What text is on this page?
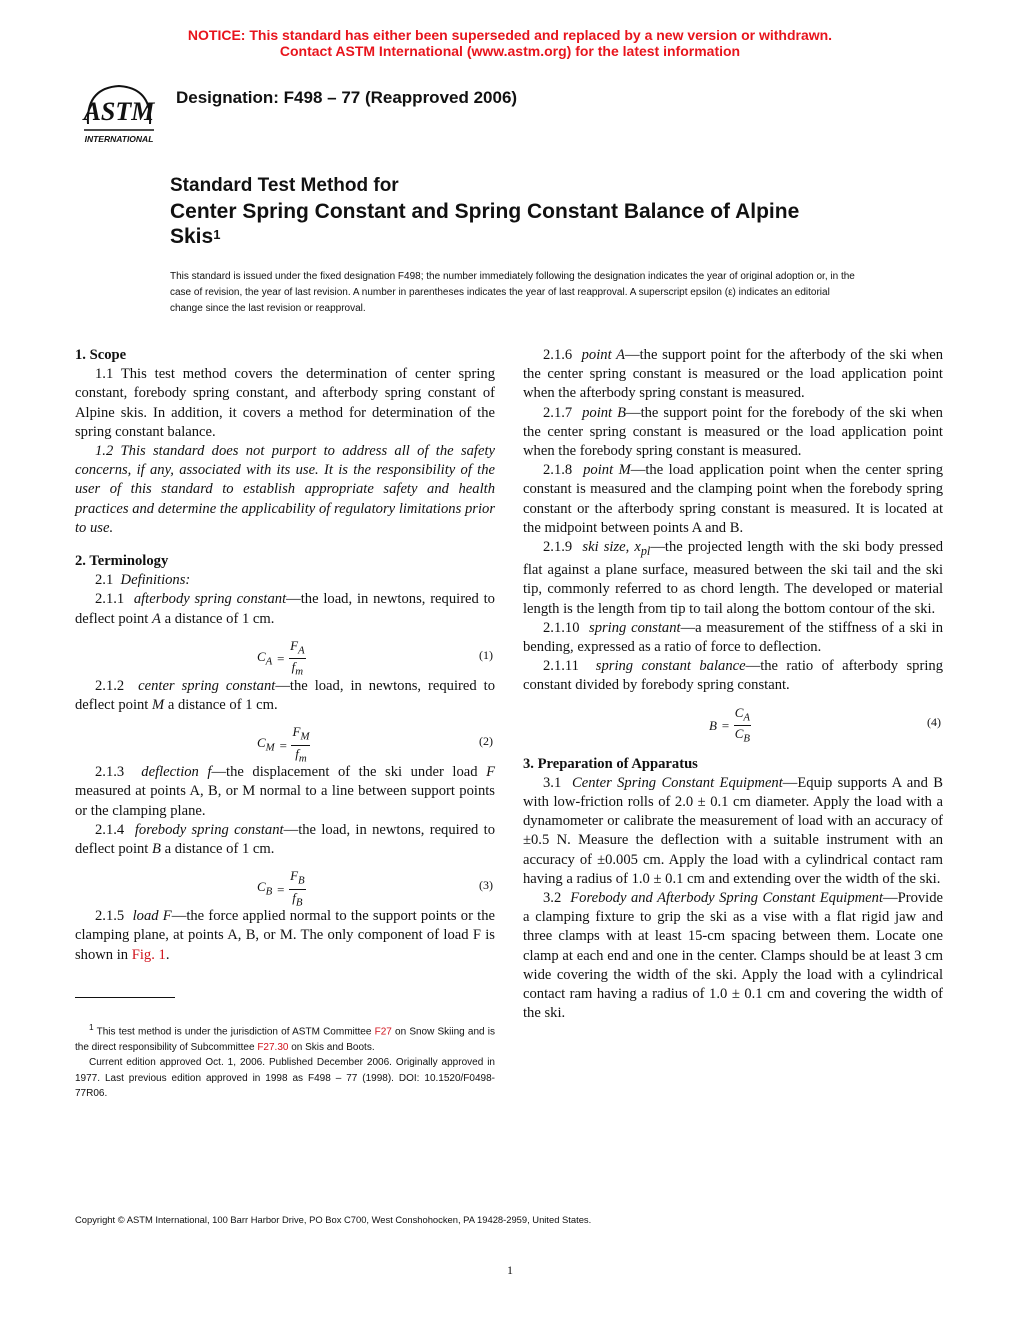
NOTICE: This standard has either been superseded and replaced by a new version or withdrawn.
Contact ASTM International (www.astm.org) for the latest information
ASTM
INTERNATIONAL
Designation: F498 – 77 (Reapproved 2006)
Standard Test Method for
Center Spring Constant and Spring Constant Balance of Alpine Skis$^1$
This standard is issued under the fixed designation F498; the number immediately following the designation indicates the year of original adoption or, in the case of revision, the year of last revision. A number in parentheses indicates the year of last reapproval. A superscript epsilon (ε) indicates an editorial change since the last revision or reapproval.

1. Scope

1.1 This test method covers the determination of center spring constant, forebody spring constant, and afterbody spring constant of Alpine skis. In addition, it covers a method for determination of the spring constant balance.

1.2 This standard does not purport to address all of the safety concerns, if any, associated with its use. It is the responsibility of the user of this standard to establish appropriate safety and health practices and determine the applicability of regulatory limitations prior to use.

2. Terminology

2.1 Definitions:

2.1.1 afterbody spring constant—the load, in newtons, required to deflect point A a distance of 1 cm.

$C_A = \frac{F_A}{f_m}$	(1)

2.1.2 center spring constant—the load, in newtons, required to deflect point M a distance of 1 cm.

$C_M = \frac{F_M}{f_m}$	(2)

2.1.3 deflection f—the displacement of the ski under load F measured at points A, B, or M normal to a line between support points or the clamping plane.

2.1.4 forebody spring constant—the load, in newtons, required to deflect point B a distance of 1 cm.

$C_B = \frac{F_B}{f_B}$	(3)

2.1.5 load F—the force applied normal to the support points or the clamping plane, at points A, B, or M. The only component of load F is shown in Fig. 1.

2.1.6 point A—the support point for the afterbody of the ski when the center spring constant is measured or the load application point when the afterbody spring constant is measured.

2.1.7 point B—the support point for the forebody of the ski when the center spring constant is measured or the load application point when the forebody spring constant is measured.

2.1.8 point M—the load application point when the center spring constant is measured and the clamping point when the forebody spring constant or the afterbody spring constant is measured. It is located at the midpoint between points A and B.

2.1.9 ski size, $x_{pl}—the$ projected length with the ski body pressed flat against a plane surface, measured between the ski tail and the ski tip, commonly referred to as chord length. The developed or material length is the length from tip to tail along the bottom contour of the ski.

2.1.10 spring constant—a measurement of the stiffness of a ski in bending, expressed as a ratio of force to deflection.

2.1.11 spring constant balance—the ratio of afterbody spring constant divided by forebody spring constant.

$B = \frac{C_A}{C_B}$	(4)

3. Preparation of Apparatus

3.1 Center Spring Constant Equipment—Equip supports A and B with low-friction rolls of 2.0 ± 0.1 cm diameter. Apply the load with a dynamometer or calibrate the measurement of load with an accuracy of ±0.5 N. Measure the deflection with a suitable instrument with an accuracy of ±0.005 cm. Apply the load with a cylindrical contact ram having a radius of 1.0 ± 0.1 cm and extending over the width of the ski.

3.2 Forebody and Afterbody Spring Constant Equipment—Provide a clamping fixture to grip the ski as a vise with a flat rigid jaw and three clamps with at least 15-cm spacing between them. Locate one clamp at each end and one in the center. Clamps should be at least 3 cm wide covering the width of the ski. Apply the load with a cylindrical contact ram having a radius of 1.0 ± 0.1 cm and covering the width of the ski.

$^1$ This test method is under the jurisdiction of ASTM Committee F27 on Snow Skiing and is the direct responsibility of Subcommittee F27.30 on Skis and Boots.

Current edition approved Oct. 1, 2006. Published December 2006. Originally approved in 1977. Last previous edition approved in 1998 as F498 – 77 (1998). DOI: 10.1520/F0498-77R06.

Copyright © ASTM International, 100 Barr Harbor Drive, PO Box C700, West Conshohocken, PA 19428-2959, United States.
1
